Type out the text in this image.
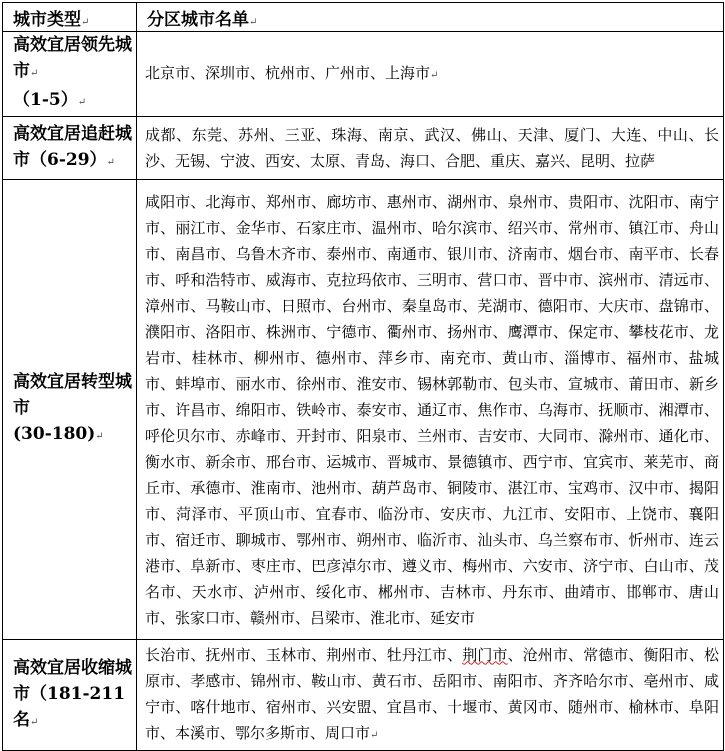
城市类型↵	分区城市名单↵
高效宜居领先城市↵
（1-5）↵	北京市、深圳市、杭州市、广州市、上海市↵
高效宜居追赶城市（6-29）↵	成都、东莞、苏州、三亚、珠海、南京、武汉、佛山、天津、厦门、大连、中山、长沙、无锡、宁波、西安、太原、青岛、海口、合肥、重庆、嘉兴、昆明、拉萨
高效宜居转型城市
(30-180)↵	咸阳市、北海市、郑州市、廊坊市、惠州市、湖州市、泉州市、贵阳市、沈阳市、南宁市、丽江市、金华市、石家庄市、温州市、哈尔滨市、绍兴市、常州市、镇江市、舟山市、南昌市、乌鲁木齐市、泰州市、南通市、银川市、济南市、烟台市、南平市、长春市、呼和浩特市、威海市、克拉玛依市、三明市、营口市、晋中市、滨州市、清远市、漳州市、马鞍山市、日照市、台州市、秦皇岛市、芜湖市、德阳市、大庆市、盘锦市、濮阳市、洛阳市、株洲市、宁德市、衢州市、扬州市、鹰潭市、保定市、攀枝花市、龙岩市、桂林市、柳州市、德州市、萍乡市、南充市、黄山市、淄博市、福州市、盐城市、蚌埠市、丽水市、徐州市、淮安市、锡林郭勒市、包头市、宣城市、莆田市、新乡市、许昌市、绵阳市、铁岭市、泰安市、通辽市、焦作市、乌海市、抚顺市、湘潭市、呼伦贝尔市、赤峰市、开封市、阳泉市、兰州市、吉安市、大同市、滁州市、通化市、衡水市、新余市、邢台市、运城市、晋城市、景德镇市、西宁市、宜宾市、莱芜市、商丘市、承德市、淮南市、池州市、葫芦岛市、铜陵市、湛江市、宝鸡市、汉中市、揭阳市、菏泽市、平顶山市、宜春市、临汾市、安庆市、九江市、安阳市、上饶市、襄阳市、宿迁市、聊城市、鄂州市、朔州市、临沂市、汕头市、乌兰察布市、忻州市、连云港市、阜新市、枣庄市、巴彦淖尔市、遵义市、梅州市、六安市、济宁市、白山市、茂名市、天水市、泸州市、绥化市、郴州市、吉林市、丹东市、曲靖市、邯郸市、唐山市、张家口市、赣州市、吕梁市、淮北市、延安市
高效宜居收缩城市（181-211名↵	长治市、抚州市、玉林市、荆州市、牡丹江市、荆门市、沧州市、常德市、衡阳市、松原市、孝感市、锦州市、鞍山市、黄石市、岳阳市、南阳市、齐齐哈尔市、亳州市、咸宁市、喀什地市、宿州市、兴安盟、宜昌市、十堰市、黄冈市、随州市、榆林市、阜阳市、本溪市、鄂尔多斯市、周口市↵
